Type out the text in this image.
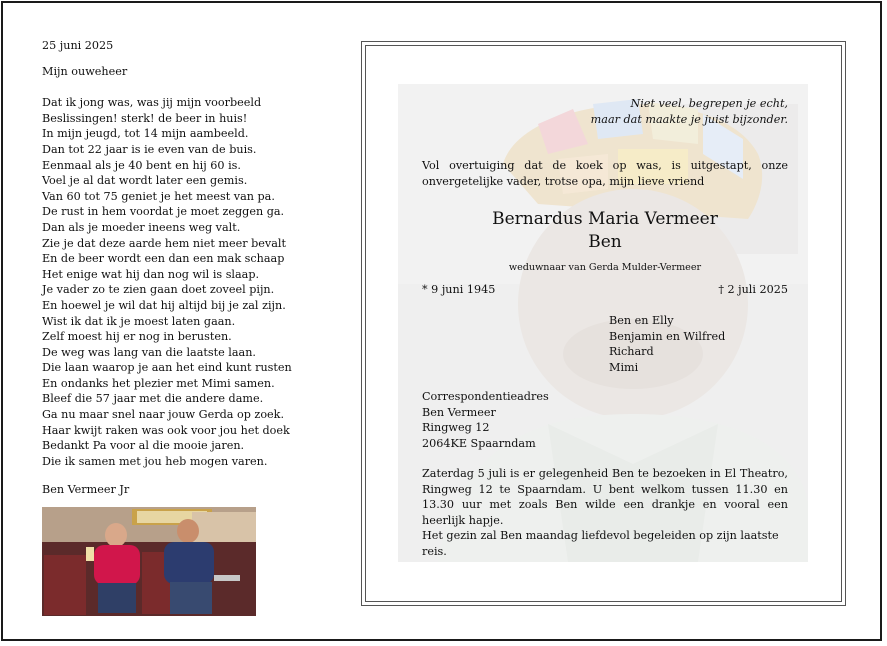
25 juni 2025

Mijn ouweheer

Dat ik jong was, was jij mijn voorbeeld
Beslissingen! sterk! de beer in huis!
In mijn jeugd, tot 14 mijn aambeeld.
Dan tot 22 jaar is ie even van de buis.
Eenmaal als je 40 bent en hij 60 is.
Voel je al dat wordt later een gemis.
Van 60 tot 75 geniet je het meest van pa.
De rust in hem voordat je moet zeggen ga.
Dan als je moeder ineens weg valt.
Zie je dat deze aarde hem niet meer bevalt
En de beer wordt een dan een mak schaap
Het enige wat hij dan nog wil is slaap.
Je vader zo te zien gaan doet zoveel pijn.
En hoewel je wil dat hij altijd bij je zal zijn.
Wist ik dat ik je moest laten gaan.
Zelf moest hij er nog in berusten.
De weg was lang van die laatste laan.
Die laan waarop je aan het eind kunt rusten
En ondanks het plezier met Mimi samen.
Bleef die 57 jaar met die andere dame.
Ga nu maar snel naar jouw Gerda op zoek.
Haar kwijt raken was ook voor jou het doek
Bedankt Pa voor al die mooie jaren.
Die ik samen met jou heb mogen varen.

Ben Vermeer Jr

Niet veel, begrepen je echt,
maar dat maakte je juist bijzonder.
Vol overtuiging dat de koek op was, is uitgestapt, onze onvergetelijke vader, trotse opa, mijn lieve vriend
Bernardus Maria Vermeer
Ben
weduwnaar van Gerda Mulder-Vermeer
* 9 juni 1945	† 2 juli 2025
Ben en Elly
Benjamin en Wilfred
Richard
Mimi
Correspondentieadres
Ben Vermeer
Ringweg 12
2064KE Spaarndam
Zaterdag 5 juli is er gelegenheid Ben te bezoeken in El Theatro, Ringweg 12 te Spaarndam. U bent welkom tussen 11.30 en 13.30 uur met zoals Ben wilde een drankje en vooral een heerlijk hapje.
Het gezin zal Ben maandag liefdevol begeleiden op zijn laatste reis.
